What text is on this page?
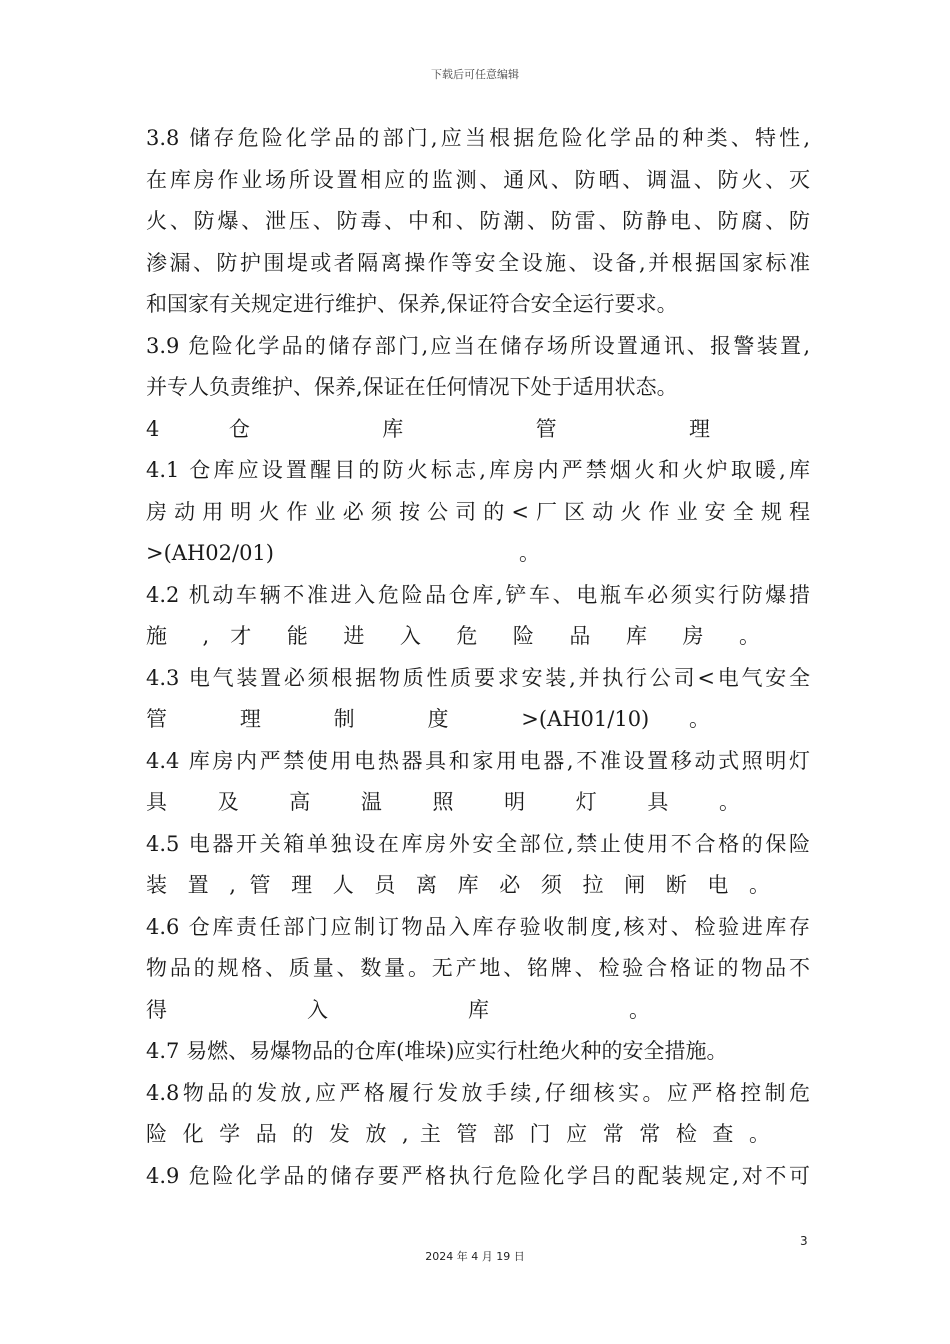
下载后可任意编辑
3.8 储存危险化学品的部门,应当根据危险化学品的种类、特性,
在库房作业场所设置相应的监测、通风、防晒、调温、防火、灭
火、防爆、泄压、防毒、中和、防潮、防雷、防静电、防腐、防
渗漏、防护围堤或者隔离操作等安全设施、设备,并根据国家标准
和国家有关规定进行维护、保养,保证符合安全运行要求。
3.9 危险化学品的储存部门,应当在储存场所设置通讯、报警装置,
并专人负责维护、保养,保证在任何情况下处于适用状态。
4 仓 库 管 理
4.1 仓库应设置醒目的防火标志,库房内严禁烟火和火炉取暖,库
房动用明火作业必须按公司的<厂区动火作业安全规程
>(AH02/01) 。
4.2 机动车辆不准进入危险品仓库,铲车、电瓶车必须实行防爆措
施 , 才 能 进 入 危 险 品 库 房 。
4.3 电气装置必须根据物质性质要求安装,并执行公司<电气安全
管 理 制 度 >(AH01/10) 。
4.4 库房内严禁使用电热器具和家用电器,不准设置移动式照明灯
具 及 高 温 照 明 灯 具 。
4.5 电器开关箱单独设在库房外安全部位,禁止使用不合格的保险
装 置 , 管 理 人 员 离 库 必 须 拉 闸 断 电 。
4.6 仓库责任部门应制订物品入库存验收制度,核对、检验进库存
物品的规格、质量、数量。无产地、铭牌、检验合格证的物品不
得 入 库 。
4.7 易燃、易爆物品的仓库(堆垛)应实行杜绝火种的安全措施。
4.8物品的发放,应严格履行发放手续,仔细核实。应严格控制危
险 化 学 品 的 发 放 , 主 管 部 门 应 常 常 检 查 。
4.9 危险化学品的储存要严格执行危险化学吕的配装规定,对不可
3
2024 年 4 月 19 日
